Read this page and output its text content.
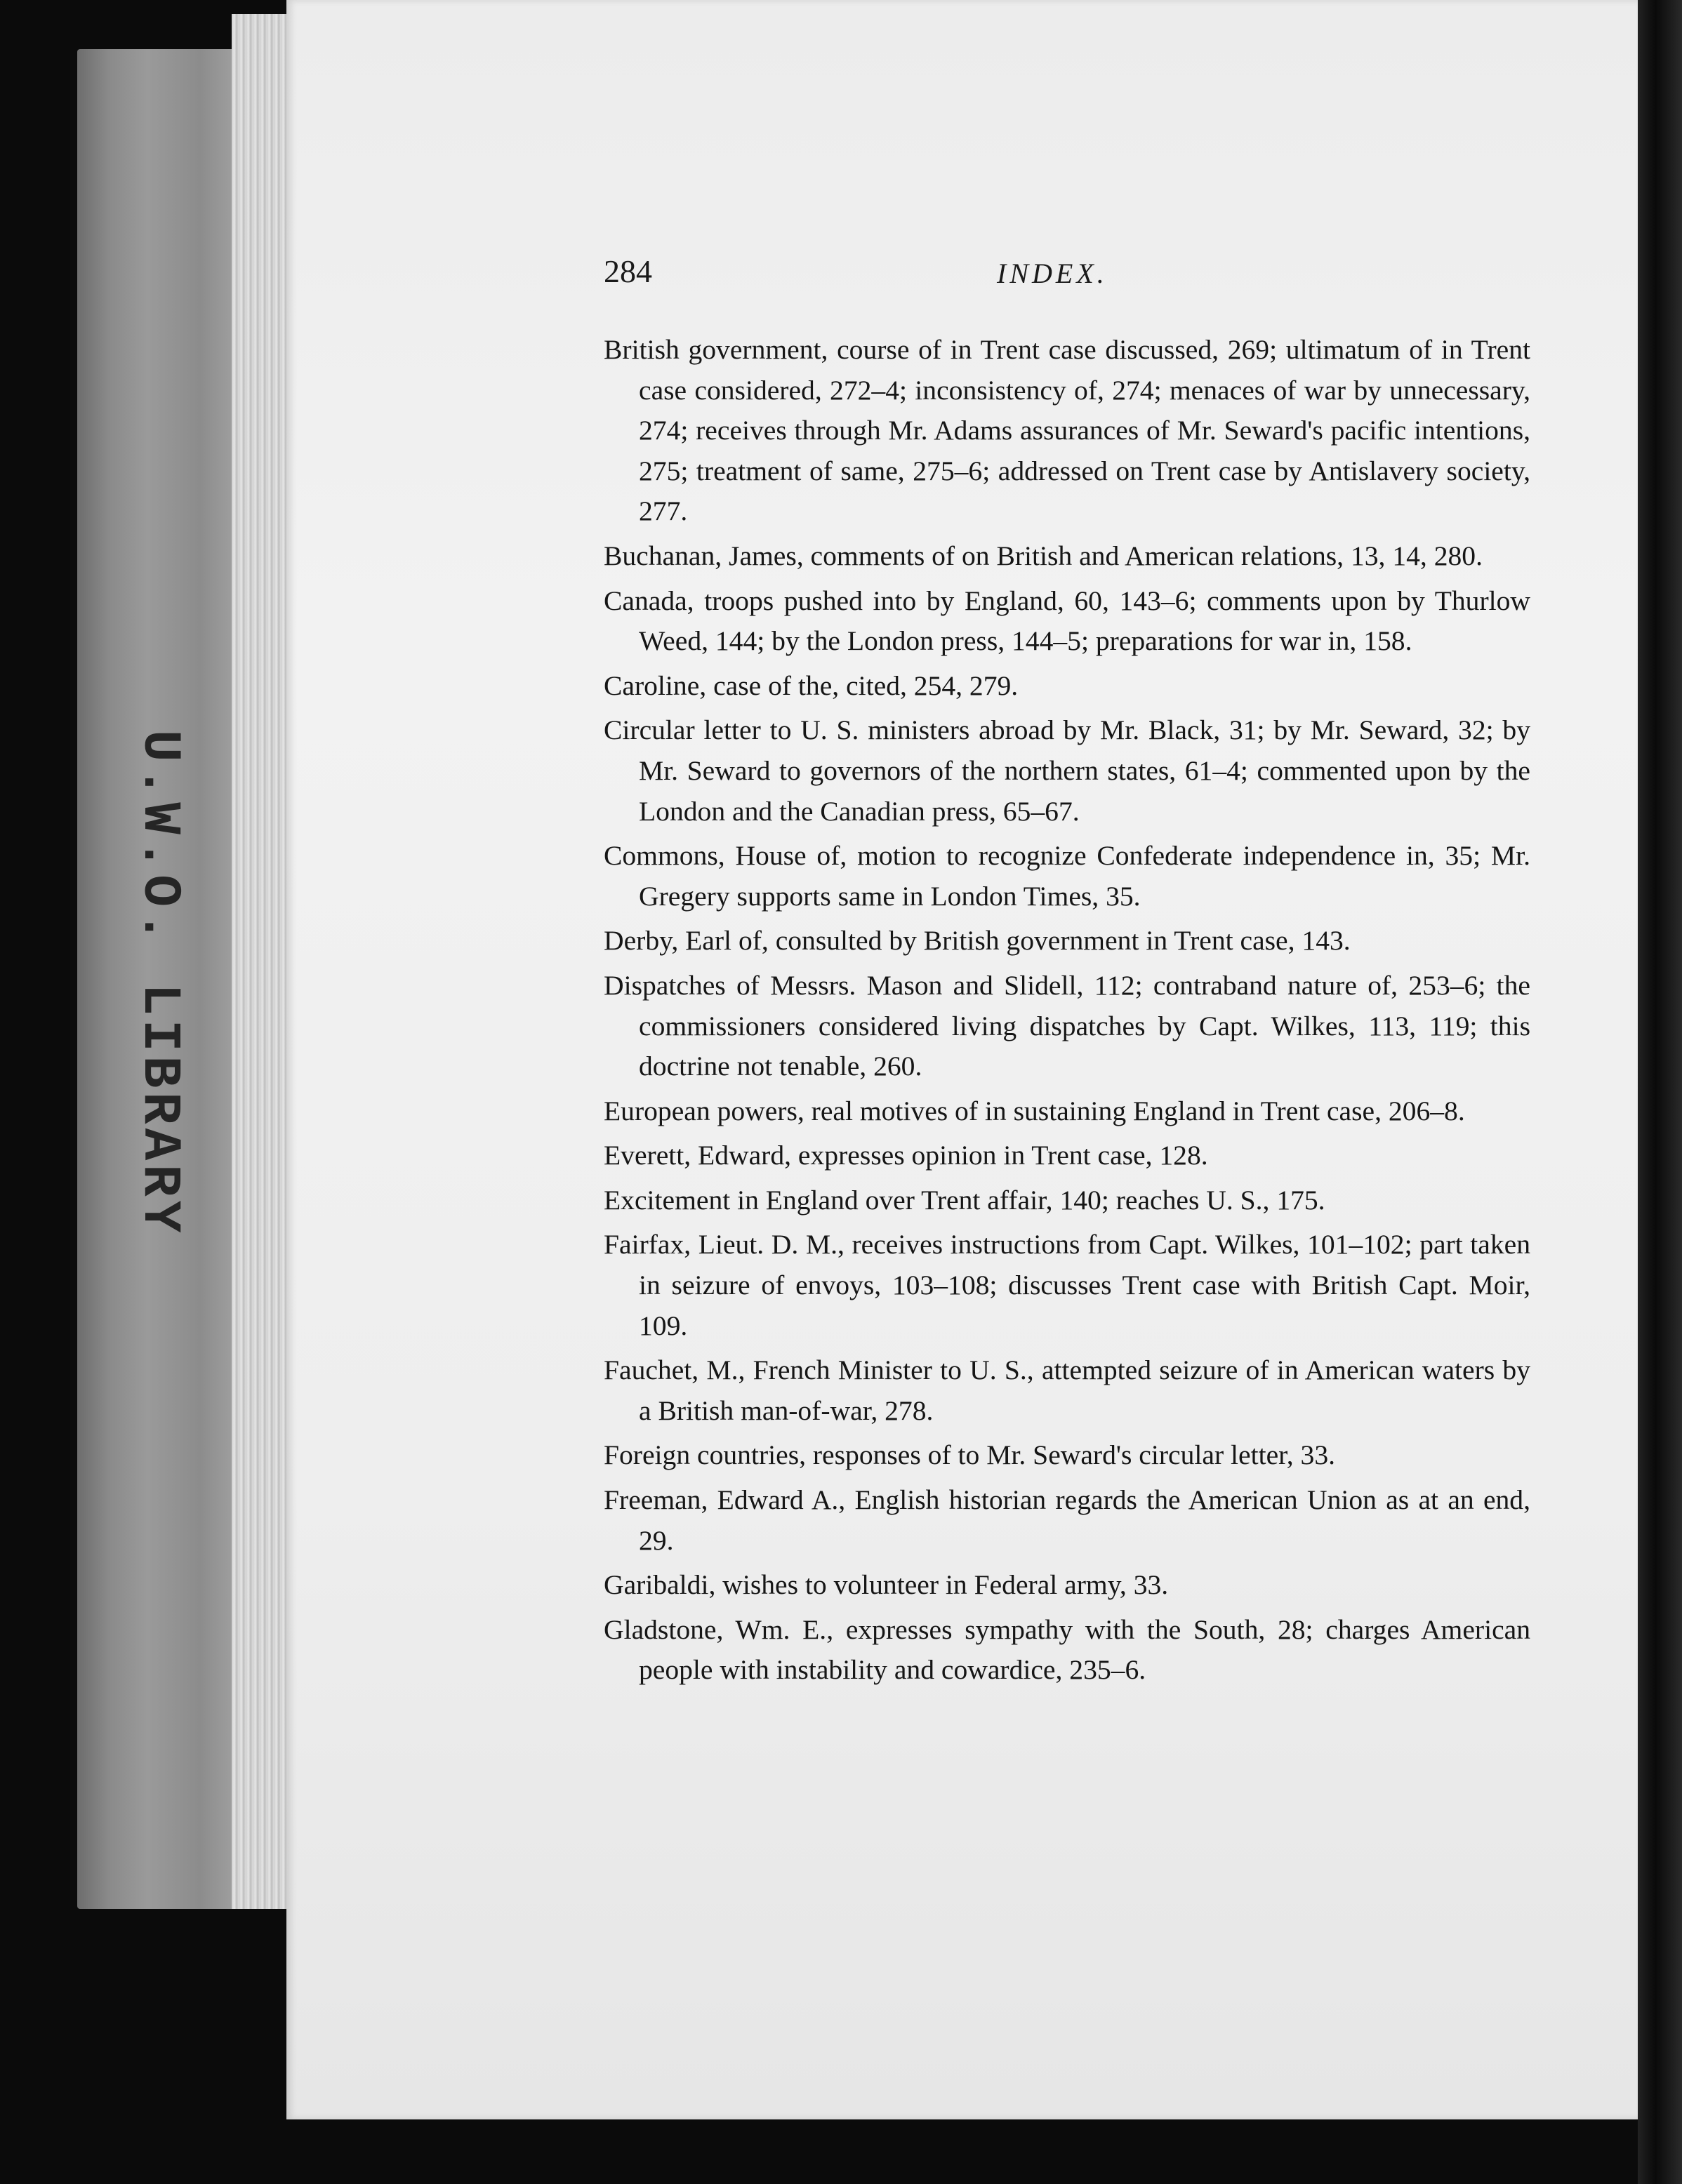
U.W.O. LIBRARY
284	INDEX.

British government, course of in Trent case discussed, 269; ultimatum of in Trent case considered, 272–4; inconsistency of, 274; menaces of war by unnecessary, 274; receives through Mr. Adams assurances of Mr. Seward's pacific intentions, 275; treatment of same, 275–6; addressed on Trent case by Antislavery society, 277.

Buchanan, James, comments of on British and American relations, 13, 14, 280.

Canada, troops pushed into by England, 60, 143–6; comments upon by Thurlow Weed, 144; by the London press, 144–5; preparations for war in, 158.

Caroline, case of the, cited, 254, 279.

Circular letter to U. S. ministers abroad by Mr. Black, 31; by Mr. Seward, 32; by Mr. Seward to governors of the northern states, 61–4; commented upon by the London and the Canadian press, 65–67.

Commons, House of, motion to recognize Confederate independence in, 35; Mr. Gregery supports same in London Times, 35.

Derby, Earl of, consulted by British government in Trent case, 143.

Dispatches of Messrs. Mason and Slidell, 112; contraband nature of, 253–6; the commissioners considered living dispatches by Capt. Wilkes, 113, 119; this doctrine not tenable, 260.

European powers, real motives of in sustaining England in Trent case, 206–8.

Everett, Edward, expresses opinion in Trent case, 128.

Excitement in England over Trent affair, 140; reaches U. S., 175.

Fairfax, Lieut. D. M., receives instructions from Capt. Wilkes, 101–102; part taken in seizure of envoys, 103–108; discusses Trent case with British Capt. Moir, 109.

Fauchet, M., French Minister to U. S., attempted seizure of in American waters by a British man-of-war, 278.

Foreign countries, responses of to Mr. Seward's circular letter, 33.

Freeman, Edward A., English historian regards the American Union as at an end, 29.

Garibaldi, wishes to volunteer in Federal army, 33.

Gladstone, Wm. E., expresses sympathy with the South, 28; charges American people with instability and cowardice, 235–6.
